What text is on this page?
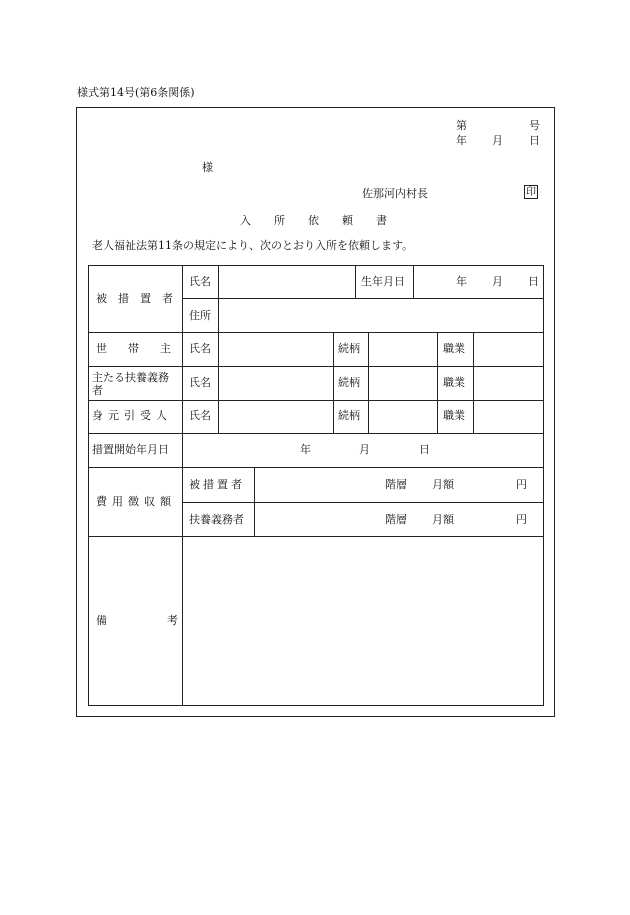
様式第14号(第6条関係)
第	号
年 月 日
様
佐那河内村長	印
入　所　依　頼　書
老人福祉法第11条の規定により、次のとおり入所を依頼します。
被　措　置　者
氏名	生年月日	年 月 日
住所
世　帯　主 氏名	続柄	職業
主たる扶養義務
者
氏名	続柄	職業
身元引受人 氏名	続柄	職業
措置開始年月日	年	月	日
費用徴収額
被措置者	階層 月額	円
扶養義務者	階層 月額	円
備	考
